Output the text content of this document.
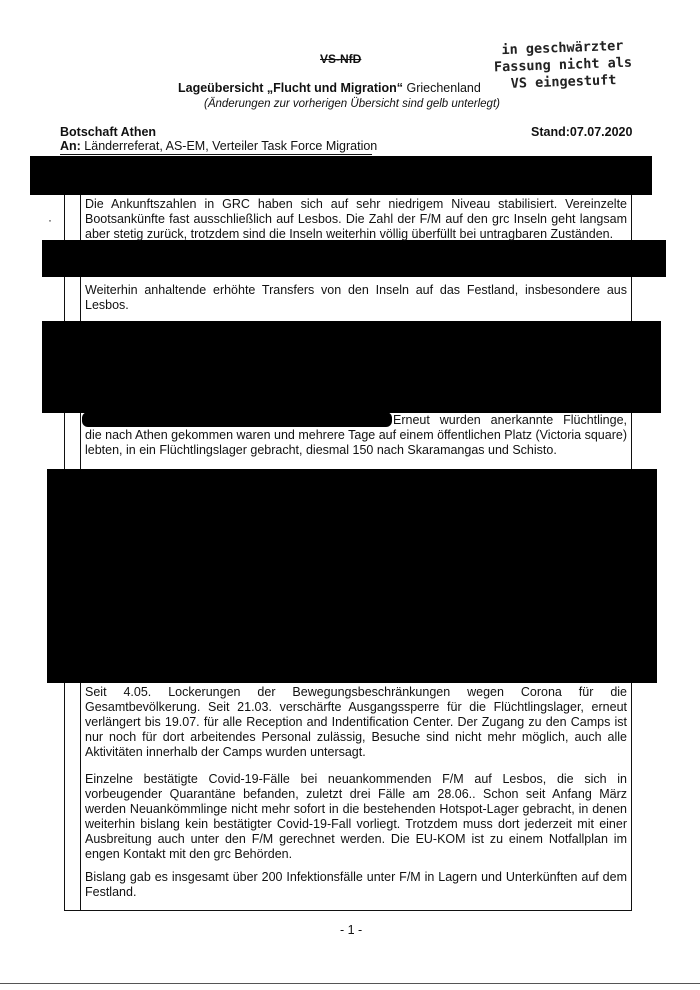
in geschwärzter
Fassung nicht als
VS eingestuft
VS-NfD
Lageübersicht „Flucht und Migration“ Griechenland
(Änderungen zur vorherigen Übersicht sind gelb unterlegt)
Botschaft Athen	Stand:07.07.2020
An: Länderreferat, AS-EM, Verteiler Task Force Migration

Die Ankunftszahlen in GRC haben sich auf sehr niedrigem Niveau stabilisiert. Vereinzelte Bootsankünfte fast ausschließlich auf Lesbos. Die Zahl der F/M auf den grc Inseln geht langsam aber stetig zurück, trotzdem sind die Inseln weiterhin völlig überfüllt bei untragbaren Zuständen.

Weiterhin anhaltende erhöhte Transfers von den Inseln auf das Festland, insbesondere aus Lesbos.

Erneut wurden anerkannte Flüchtlinge, die nach Athen gekommen waren und mehrere Tage auf einem öffentlichen Platz (Victoria square) lebten, in ein Flüchtlingslager gebracht, diesmal 150 nach Skaramangas und Schisto.

Seit 4.05. Lockerungen der Bewegungsbeschränkungen wegen Corona für die Gesamtbevölkerung. Seit 21.03. verschärfte Ausgangssperre für die Flüchtlingslager, erneut verlängert bis 19.07. für alle Reception and Indentification Center. Der Zugang zu den Camps ist nur noch für dort arbeitendes Personal zulässig, Besuche sind nicht mehr möglich, auch alle Aktivitäten innerhalb der Camps wurden untersagt.

Einzelne bestätigte Covid-19-Fälle bei neuankommenden F/M auf Lesbos, die sich in vorbeugender Quarantäne befanden, zuletzt drei Fälle am 28.06.. Schon seit Anfang März werden Neuankömmlinge nicht mehr sofort in die bestehenden Hotspot-Lager gebracht, in denen weiterhin bislang kein bestätigter Covid-19-Fall vorliegt. Trotzdem muss dort jederzeit mit einer Ausbreitung auch unter den F/M gerechnet werden. Die EU-KOM ist zu einem Notfallplan im engen Kontakt mit den grc Behörden.

Bislang gab es insgesamt über 200 Infektionsfälle unter F/M in Lagern und Unterkünften auf dem Festland.

·
- 1 -
